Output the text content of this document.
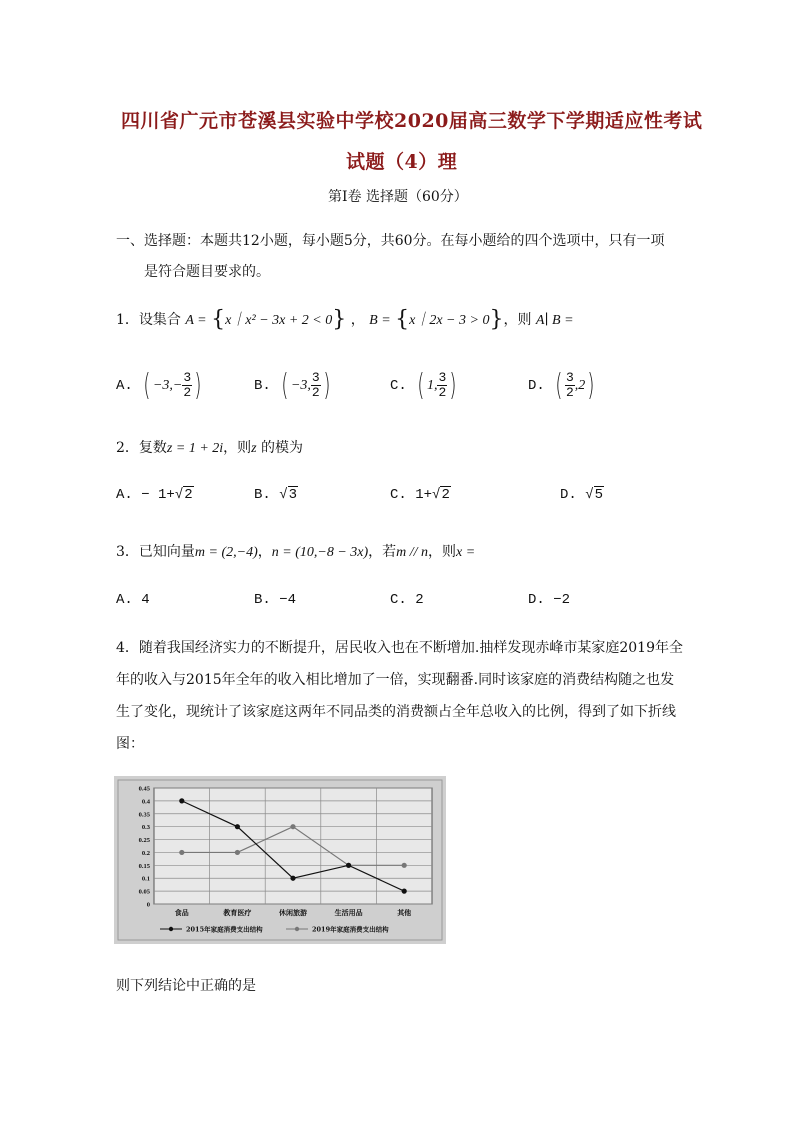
四川省广元市苍溪县实验中学校2020届高三数学下学期适应性考试
试题（4）理
第Ⅰ卷 选择题（60分）
一、选择题：本题共12小题，每小题5分，共60分。在每小题给的四个选项中，只有一项
是符合题目要求的。
1．设集合 A = {x｜x² − 3x + 2 < 0} ， B = {x｜2x − 3 > 0}，则 A∣ B =
A. ( $-3,- \frac{3}{2}$ )	B. ( −3, $\frac{3}{2}$ )	C. ( 1, $\frac{3}{2}$ )	D. ( $\frac{3}{2} ,2$)
2．复数z = 1 + 2i，则z 的模为
A. − 1+√2	B. √3	C. 1+√2	D. √5
3．已知向量m = (2,−4)，n = (10,−8 − 3x)，若m // n，则x =
A. 4	B. −4	C. 2	D. −2
4．随着我国经济实力的不断提升，居民收入也在不断增加.抽样发现赤峰市某家庭2019年全
年的收入与2015年全年的收入相比增加了一倍，实现翻番.同时该家庭的消费结构随之也发
生了变化，现统计了该家庭这两年不同品类的消费额占全年总收入的比例，得到了如下折线
图：
0
0.05
0.1
0.15
0.2
0.25
0.3
0.35
0.4
0.45
食品	教育医疗	休闲旅游	生活用品	其他
2015年家庭消费支出结构	2019年家庭消费支出结构
则下列结论中正确的是
